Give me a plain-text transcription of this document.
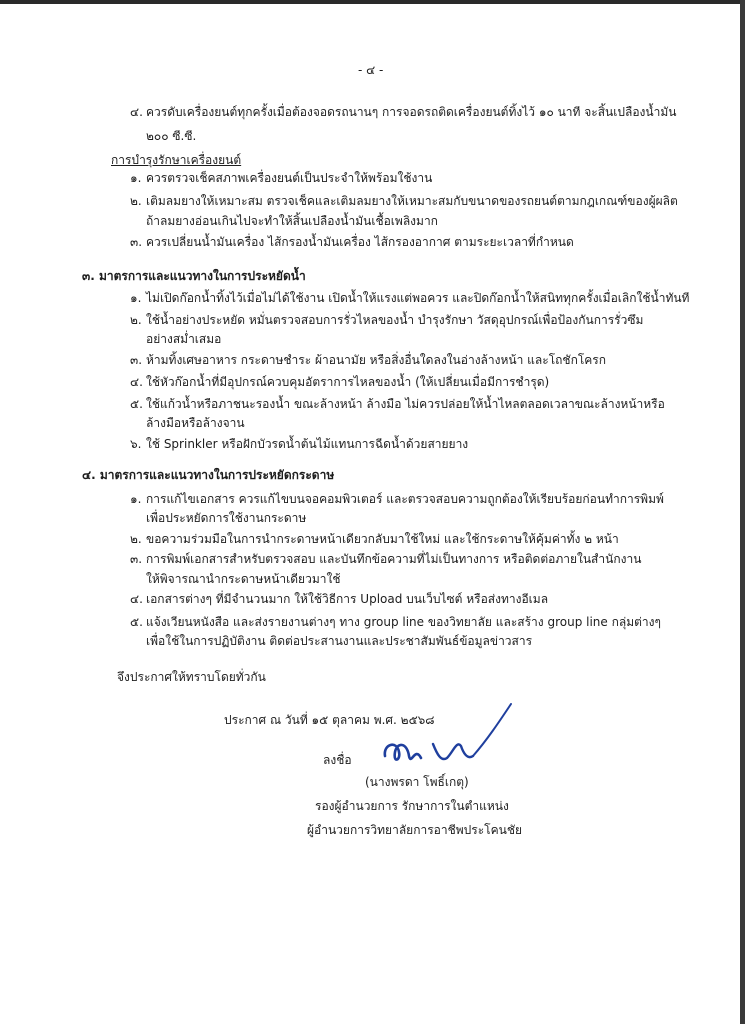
- ๔ -
๔. ควรดับเครื่องยนต์ทุกครั้งเมื่อต้องจอดรถนานๆ การจอดรถติดเครื่องยนต์ทิ้งไว้ ๑๐ นาที จะสิ้นเปลืองน้ำมัน
๒๐๐ ซี.ซี.
การบำรุงรักษาเครื่องยนต์
๑. ควรตรวจเช็คสภาพเครื่องยนต์เป็นประจำให้พร้อมใช้งาน
๒. เติมลมยางให้เหมาะสม ตรวจเช็คและเติมลมยางให้เหมาะสมกับขนาดของรถยนต์ตามกฎเกณฑ์ของผู้ผลิต
ถ้าลมยางอ่อนเกินไปจะทำให้สิ้นเปลืองน้ำมันเชื้อเพลิงมาก
๓. ควรเปลี่ยนน้ำมันเครื่อง ไส้กรองน้ำมันเครื่อง ไส้กรองอากาศ ตามระยะเวลาที่กำหนด
๓. มาตรการและแนวทางในการประหยัดน้ำ
๑. ไม่เปิดก๊อกน้ำทิ้งไว้เมื่อไม่ได้ใช้งาน เปิดน้ำให้แรงแต่พอควร และปิดก๊อกน้ำให้สนิททุกครั้งเมื่อเลิกใช้น้ำทันที
๒. ใช้น้ำอย่างประหยัด หมั่นตรวจสอบการรั่วไหลของน้ำ บำรุงรักษา วัสดุอุปกรณ์เพื่อป้องกันการรั่วซึม
อย่างสม่ำเสมอ
๓. ห้ามทิ้งเศษอาหาร กระดาษชำระ ผ้าอนามัย หรือสิ่งอื่นใดลงในอ่างล้างหน้า และโถชักโครก
๔. ใช้หัวก๊อกน้ำที่มีอุปกรณ์ควบคุมอัตราการไหลของน้ำ (ให้เปลี่ยนเมื่อมีการชำรุด)
๕. ใช้แก้วน้ำหรือภาชนะรองน้ำ ขณะล้างหน้า ล้างมือ ไม่ควรปล่อยให้น้ำไหลตลอดเวลาขณะล้างหน้าหรือ
ล้างมือหรือล้างจาน
๖. ใช้ Sprinkler หรือฝักบัวรดน้ำต้นไม้แทนการฉีดน้ำด้วยสายยาง
๔. มาตรการและแนวทางในการประหยัดกระดาษ
๑. การแก้ไขเอกสาร ควรแก้ไขบนจอคอมพิวเตอร์ และตรวจสอบความถูกต้องให้เรียบร้อยก่อนทำการพิมพ์
เพื่อประหยัดการใช้งานกระดาษ
๒. ขอความร่วมมือในการนำกระดาษหน้าเดียวกลับมาใช้ใหม่ และใช้กระดาษให้คุ้มค่าทั้ง ๒ หน้า
๓. การพิมพ์เอกสารสำหรับตรวจสอบ และบันทึกข้อความที่ไม่เป็นทางการ หรือติดต่อภายในสำนักงาน
ให้พิจารณานำกระดาษหน้าเดียวมาใช้
๔. เอกสารต่างๆ ที่มีจำนวนมาก ให้ใช้วิธีการ Upload บนเว็บไซต์ หรือส่งทางอีเมล
๕. แจ้งเวียนหนังสือ และส่งรายงานต่างๆ ทาง group line ของวิทยาลัย และสร้าง group line กลุ่มต่างๆ
เพื่อใช้ในการปฏิบัติงาน ติดต่อประสานงานและประชาสัมพันธ์ข้อมูลข่าวสาร
จึงประกาศให้ทราบโดยทั่วกัน
ประกาศ ณ วันที่ ๑๕ ตุลาคม พ.ศ. ๒๕๖๘
ลงชื่อ
(นางพรดา โพธิ์เกตุ)
รองผู้อำนวยการ รักษาการในตำแหน่ง
ผู้อำนวยการวิทยาลัยการอาชีพประโคนชัย
